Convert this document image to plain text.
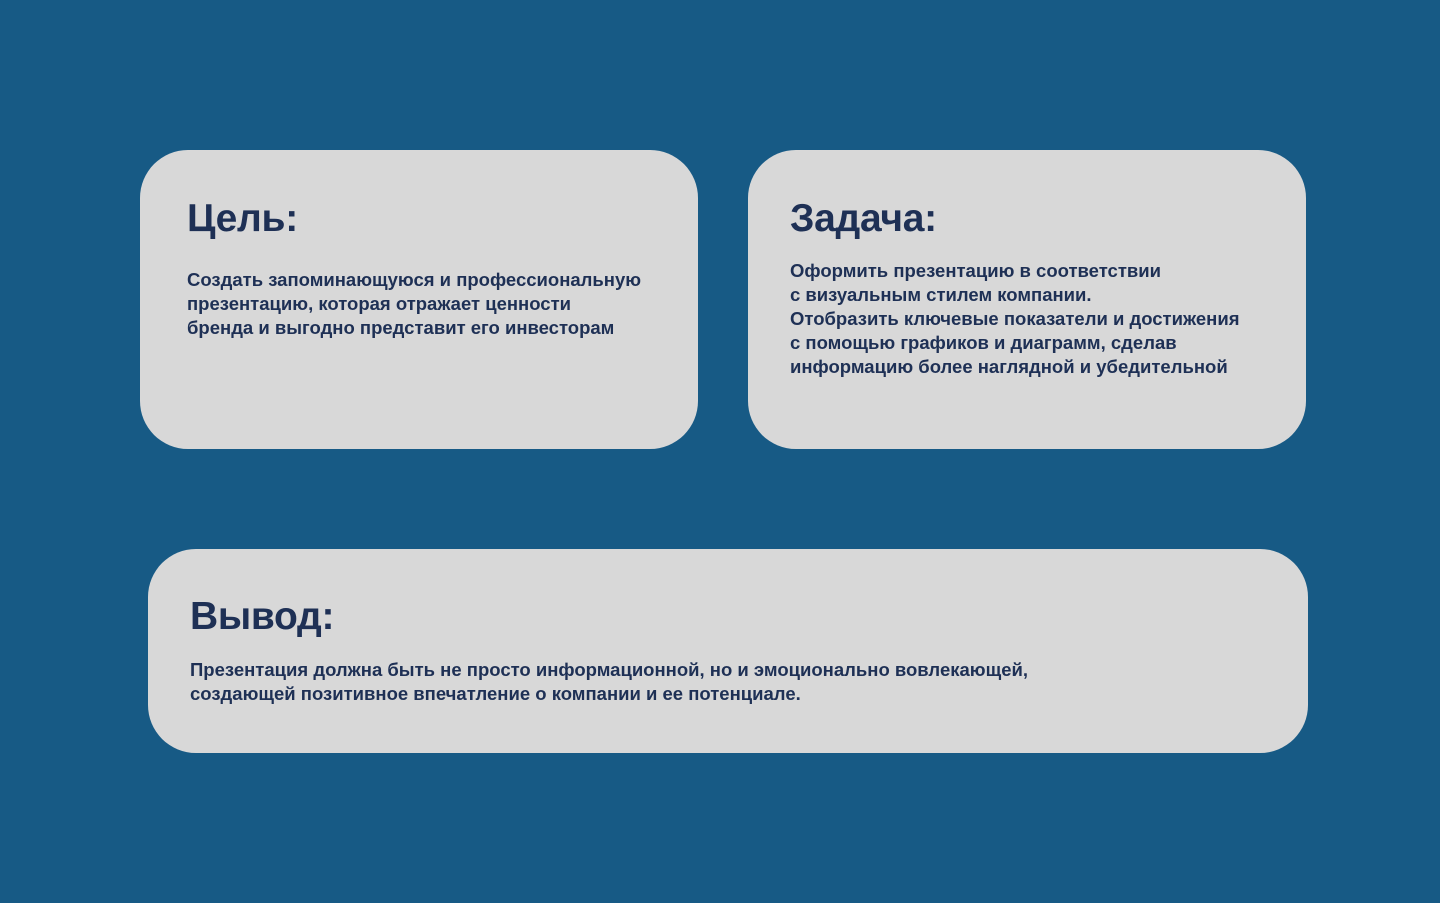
Цель:
Создать запоминающуюся и профессиональную
презентацию, которая отражает ценности
бренда и выгодно представит его инвесторам
Задача:
Оформить презентацию в соответствии
с визуальным стилем компании.
Отобразить ключевые показатели и достижения
с помощью графиков и диаграмм, сделав
информацию более наглядной и убедительной
Вывод:
Презентация должна быть не просто информационной, но и эмоционально вовлекающей,
создающей позитивное впечатление о компании и ее потенциале.
